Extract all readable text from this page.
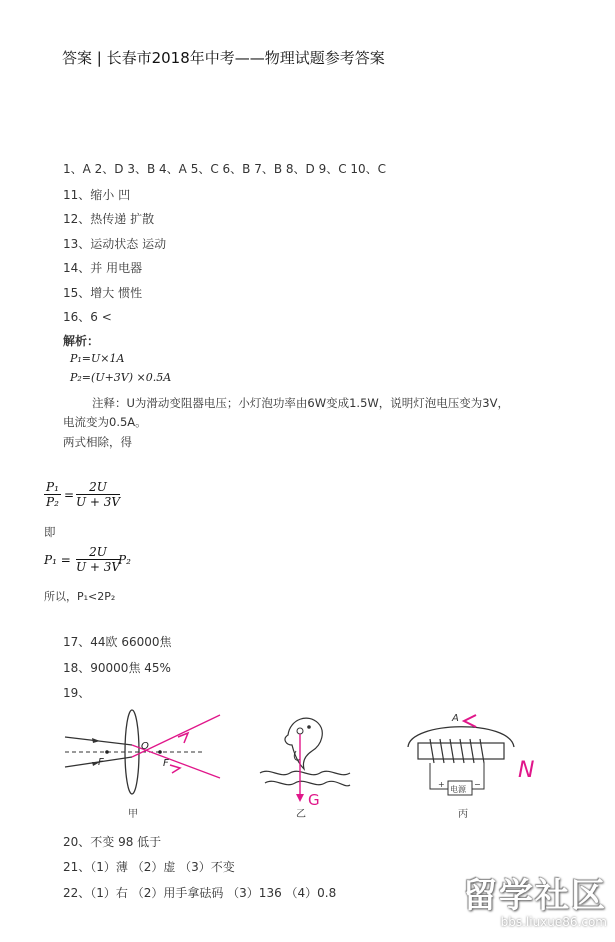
答案 | 长春市2018年中考——物理试题参考答案
1、A 2、D 3、B 4、A 5、C 6、B 7、B 8、D 9、C 10、C
11、缩小 凹
12、热传递 扩散
13、运动状态 运动
14、并 用电器
15、增大 惯性
16、6 <
解析：
P₁=U×1A
P₂=(U+3V) ×0.5A
注释：U为滑动变阻器电压；小灯泡功率由6W变成1.5W，说明灯泡电压变为3V，
电流变为0.5A。
两式相除，得
$\frac{\text{P₁}}{\text{P₂}} = \frac{2U}{U + 3V}$
即
$P_1 = \frac{2U}{U + 3V}$
P₂
所以，P₁<2P₂
17、44欧 66000焦
18、90000焦 45%
19、
O
F	F
甲
G
乙
电源
+	−
A
N
丙
20、不变 98 低于
21、（1）薄 （2）虚 （3）不变
22、（1）右 （2）用手拿砝码 （3）136 （4）0.8	留学社区
bbs.liuxue86.com
